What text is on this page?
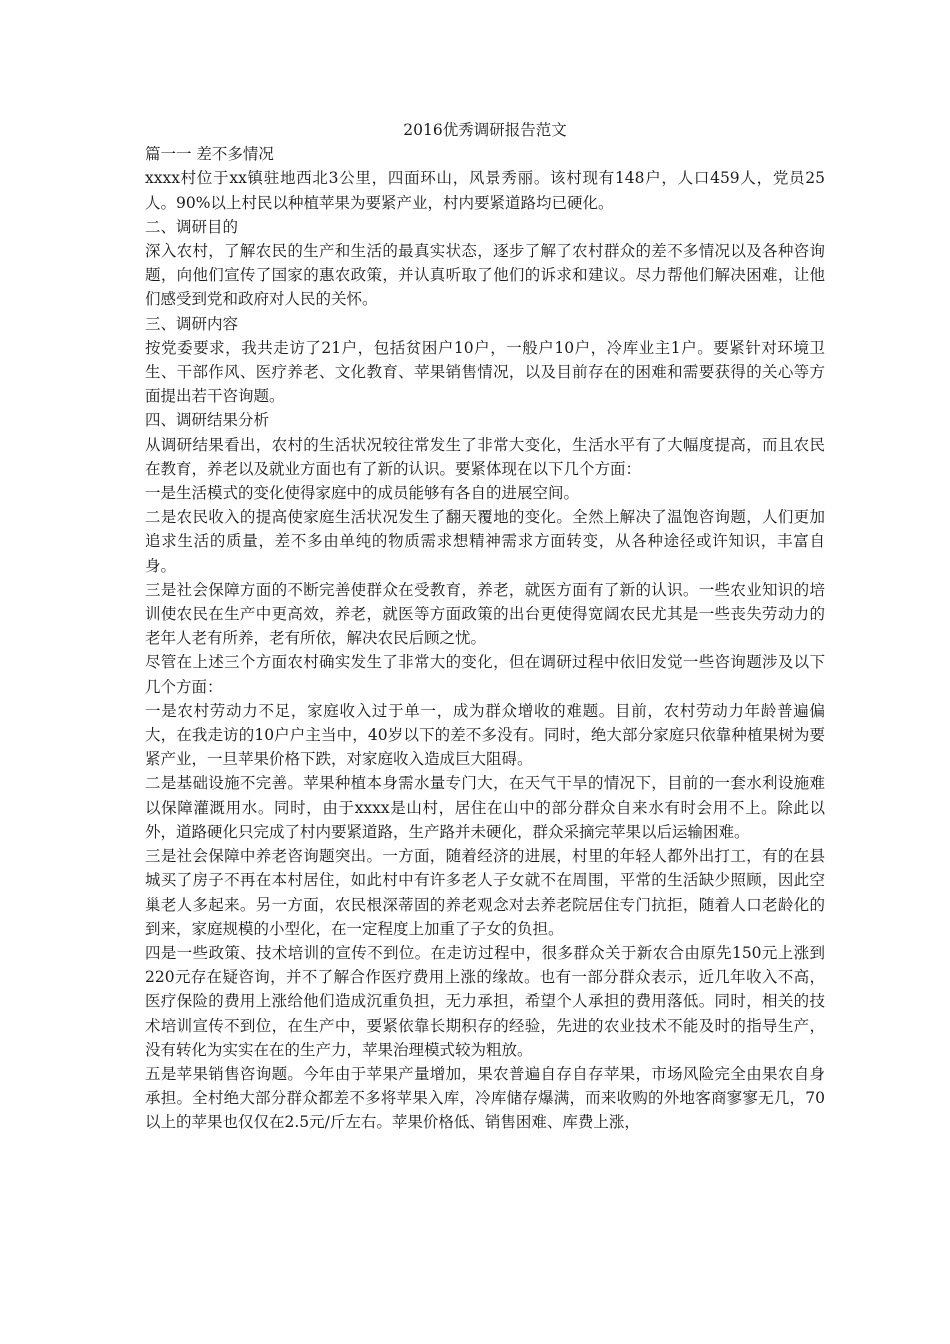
2016优秀调研报告范文

篇一一 差不多情况

xxxx村位于xx镇驻地西北3公里，四面环山，风景秀丽。该村现有148户，人口459人，党员25人。90%以上村民以种植苹果为要紧产业，村内要紧道路均已硬化。

二、调研目的

深入农村，了解农民的生产和生活的最真实状态，逐步了解了农村群众的差不多情况以及各种咨询题，向他们宣传了国家的惠农政策，并认真听取了他们的诉求和建议。尽力帮他们解决困难，让他们感受到党和政府对人民的关怀。

三、调研内容

按党委要求，我共走访了21户，包括贫困户10户，一般户10户，冷库业主1户。要紧针对环境卫生、干部作风、医疗养老、文化教育、苹果销售情况，以及目前存在的困难和需要获得的关心等方面提出若干咨询题。

四、调研结果分析

从调研结果看出，农村的生活状况较往常发生了非常大变化，生活水平有了大幅度提高，而且农民在教育，养老以及就业方面也有了新的认识。要紧体现在以下几个方面：

一是生活模式的变化使得家庭中的成员能够有各自的进展空间。

二是农民收入的提高使家庭生活状况发生了翻天覆地的变化。全然上解决了温饱咨询题，人们更加追求生活的质量，差不多由单纯的物质需求想精神需求方面转变，从各种途径或许知识，丰富自身。

三是社会保障方面的不断完善使群众在受教育，养老，就医方面有了新的认识。一些农业知识的培训使农民在生产中更高效，养老，就医等方面政策的出台更使得宽阔农民尤其是一些丧失劳动力的老年人老有所养，老有所依，解决农民后顾之忧。

尽管在上述三个方面农村确实发生了非常大的变化，但在调研过程中依旧发觉一些咨询题涉及以下几个方面：

一是农村劳动力不足，家庭收入过于单一，成为群众增收的难题。目前，农村劳动力年龄普遍偏大，在我走访的10户户主当中，40岁以下的差不多没有。同时，绝大部分家庭只依靠种植果树为要紧产业，一旦苹果价格下跌，对家庭收入造成巨大阻碍。

二是基础设施不完善。苹果种植本身需水量专门大，在天气干旱的情况下，目前的一套水利设施难以保障灌溉用水。同时，由于xxxx是山村，居住在山中的部分群众自来水有时会用不上。除此以外，道路硬化只完成了村内要紧道路，生产路并未硬化，群众采摘完苹果以后运输困难。

三是社会保障中养老咨询题突出。一方面，随着经济的进展，村里的年轻人都外出打工，有的在县城买了房子不再在本村居住，如此村中有许多老人子女就不在周围，平常的生活缺少照顾，因此空巢老人多起来。另一方面，农民根深蒂固的养老观念对去养老院居住专门抗拒，随着人口老龄化的到来，家庭规模的小型化，在一定程度上加重了子女的负担。

四是一些政策、技术培训的宣传不到位。在走访过程中，很多群众关于新农合由原先150元上涨到220元存在疑咨询，并不了解合作医疗费用上涨的缘故。也有一部分群众表示，近几年收入不高，医疗保险的费用上涨给他们造成沉重负担，无力承担，希望个人承担的费用落低。同时，相关的技术培训宣传不到位，在生产中，要紧依靠长期积存的经验，先进的农业技术不能及时的指导生产，没有转化为实实在在的生产力，苹果治理模式较为粗放。

五是苹果销售咨询题。今年由于苹果产量增加，果农普遍自存自存苹果，市场风险完全由果农自身承担。全村绝大部分群众都差不多将苹果入库，冷库储存爆满，而来收购的外地客商寥寥无几，70以上的苹果也仅仅在2.5元/斤左右。苹果价格低、销售困难、库费上涨，
